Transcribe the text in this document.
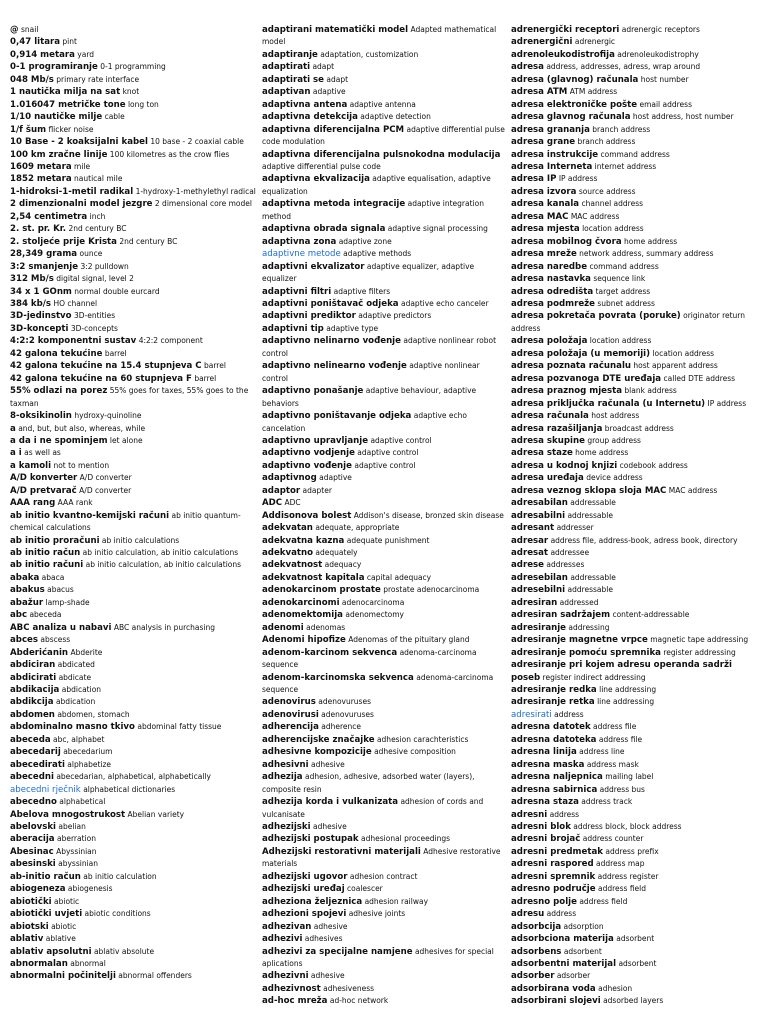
@ snail

0,47 litara pint

0,914 metara yard

0-1 programiranje 0-1 programming

048 Mb/s primary rate interface

1 nautička milja na sat knot

1.016047 metričke tone long ton

1/10 nautičke milje cable

1/f šum flicker noise

10 Base - 2 koaksijalni kabel 10 base - 2 coaxial cable

100 km zračne linije 100 kilometres as the crow flies

1609 metara mile

1852 metara nautical mile

1-hidroksi-1-metil radikal 1-hydroxy-1-methylethyl radical

2 dimenzionalni model jezgre 2 dimensional core model

2,54 centimetra inch

2. st. pr. Kr. 2nd century BC

2. stoljeće prije Krista 2nd century BC

28,349 grama ounce

3:2 smanjenje 3:2 pulldown

312 Mb/s digital signal, level 2

34 x 1 GOnm normal double eurcard

384 kb/s HO channel

3D-jedinstvo 3D-entities

3D-koncepti 3D-concepts

4:2:2 komponentni sustav 4:2:2 component

42 galona tekućine barrel

42 galona tekućine na 15.4 stupnjeva C barrel

42 galona tekućine na 60 stupnjeva F barrel

55% odlazi na porez 55% goes for taxes, 55% goes to the taxman

8-oksikinolin hydroxy-quinoline

a and, but, but also, whereas, while

a da i ne spominjem let alone

a i as well as

a kamoli not to mention

A/D konverter A/D converter

A/D pretvarač A/D converter

AAA rang AAA rank

ab initio kvantno-kemijski računi ab initio quantum-chemical calculations

ab initio proračuni ab initio calculations

ab initio račun ab initio calculation, ab initio calculations

ab initio računi ab initio calculation, ab initio calculations

abaka abaca

abakus abacus

abažur lamp-shade

abc abeceda

ABC analiza u nabavi ABC analysis in purchasing

abces abscess

Abderićanin Abderite

abdiciran abdicated

abdicirati abdicate

abdikacija abdication

abdikcija abdication

abdomen abdomen, stomach

abdominalno masno tkivo abdominal fatty tissue

abeceda abc, alphabet

abecedarij abecedarium

abecedirati alphabetize

abecedni abecedarian, alphabetical, alphabetically

abecedni rječnik alphabetical dictionaries

abecedno alphabetical

Abelova mnogostrukost Abelian variety

abelovski abelian

aberacija aberration

Abesinac Abyssinian

abesinski abyssinian

ab-initio račun ab initio calculation

abiogeneza abiogenesis

abiotički abiotic

abiotički uvjeti abiotic conditions

abiotski abiotic

ablativ ablative

ablativ apsolutni ablativ absolute

abnormalan abnormal

abnormalni počinitelji abnormal offenders

adaptirani matematički model Adapted mathematical model

adaptiranje adaptation, customization

adaptirati adapt

adaptirati se adapt

adaptivan adaptive

adaptivna antena adaptive antenna

adaptivna detekcija adaptive detection

adaptivna diferencijalna PCM adaptive differential pulse code modulation

adaptivna diferencijalna pulsnokodna modulacija adaptive differential pulse code

adaptivna ekvalizacija adaptive equalisation, adaptive equalization

adaptivna metoda integracije adaptive integration method

adaptivna obrada signala adaptive signal processing

adaptivna zona adaptive zone

adaptivne metode adaptive methods

adaptivni ekvalizator adaptive equalizer, adaptive equalizer

adaptivni filtri adaptive filters

adaptivni poništavač odjeka adaptive echo canceler

adaptivni prediktor adaptive predictors

adaptivni tip adaptive type

adaptivno nelinarno vođenje adaptive nonlinear robot control

adaptivno nelinearno vođenje adaptive nonlinear control

adaptivno ponašanje adaptive behaviour, adaptive behaviors

adaptivno poništavanje odjeka adaptive echo cancelation

adaptivno upravljanje adaptive control

adaptivno vodjenje adaptive control

adaptivno vođenje adaptive control

adaptivnog adaptive

adaptor adapter

ADC ADC

Addisonova bolest Addison's disease, bronzed skin disease

adekvatan adequate, appropriate

adekvatna kazna adequate punishment

adekvatno adequately

adekvatnost adequacy

adekvatnost kapitala capital adequacy

adenokarcinom prostate prostate adenocarcinoma

adenokarcinomi adenocarcinoma

adenomektomija adenomectomy

adenomi adenomas

Adenomi hipofize Adenomas of the pituitary gland

adenom-karcinom sekvenca adenoma-carcinoma sequence

adenom-karcinomska sekvenca adenoma-carcinoma sequence

adenovirus adenovuruses

adenovirusi adenovuruses

adherencija adherence

adherencijske značajke adhesion carachteristics

adhesivne kompozicije adhesive composition

adhesivni adhesive

adhezija adhesion, adhesive, adsorbed water (layers), composite resin

adhezija korda i vulkanizata adhesion of cords and vulcanisate

adhezijski adhesive

adhezijski postupak adhesional proceedings

Adhezijski restorativni materijali Adhesive restorative materials

adhezijski ugovor adhesion contract

adhezijski uređaj coalescer

adheziona željeznica adhesion railway

adhezioni spojevi adhesive joints

adhezivan adhesive

adhezivi adhesives

adhezivi za specijalne namjene adhesives for special aplications

adhezivni adhesive

adhezivnost adhesiveness

ad-hoc mreža ad-hoc network

adrenergički receptori adrenergic receptors

adrenergični adrenergic

adrenoleukodistrofija adrenoleukodistrophy

adresa address, addresses, adress, wrap around

adresa (glavnog) računala host number

adresa ATM ATM address

adresa elektroničke pošte email address

adresa glavnog računala host address, host number

adresa grananja branch address

adresa grane branch address

adresa instrukcije command address

adresa Interneta internet address

adresa IP IP address

adresa izvora source address

adresa kanala channel address

adresa MAC MAC address

adresa mjesta location address

adresa mobilnog čvora home address

adresa mreže network address, summary address

adresa naredbe command address

adresa nastavka sequence link

adresa odredišta target address

adresa podmreže subnet address

adresa pokretača povrata (poruke) originator return address

adresa položaja location address

adresa položaja (u memoriji) location address

adresa poznata računalu host apparent address

adresa pozvanoga DTE uređaja called DTE address

adresa praznog mjesta blank address

adresa priključka računala (u Internetu) IP address

adresa računala host address

adresa razašiljanja broadcast address

adresa skupine group address

adresa staze home address

adresa u kodnoj knjizi codebook address

adresa uređaja device address

adresa veznog sklopa sloja MAC MAC address

adresabilan addressable

adresabilni addressable

adresant addresser

adresar address file, address-book, adress book, directory

adresat addressee

adrese addresses

adresebilan addressable

adresebilni addressable

adresiran addressed

adresiran sadržajem content-addressable

adresiranje addressing

adresiranje magnetne vrpce magnetic tape addressing

adresiranje pomoću spremnika register addressing

adresiranje pri kojem adresu operanda sadrži poseb register indirect addressing

adresiranje redka line addressing

adresiranje retka line addressing

adresirati address

adresna datotek address file

adresna datoteka address file

adresna linija address line

adresna maska address mask

adresna naljepnica mailing label

adresna sabirnica address bus

adresna staza address track

adresni address

adresni blok address block, block address

adresni brojač address counter

adresni predmetak address prefix

adresni raspored address map

adresni spremnik address register

adresno područje address field

adresno polje address field

adresu address

adsorbcija adsorption

adsorbciona materija adsorbent

adsorbens adsorbent

adsorbentni materijal adsorbent

adsorber adsorber

adsorbirana voda adhesion

adsorbirani slojevi adsorbed layers
